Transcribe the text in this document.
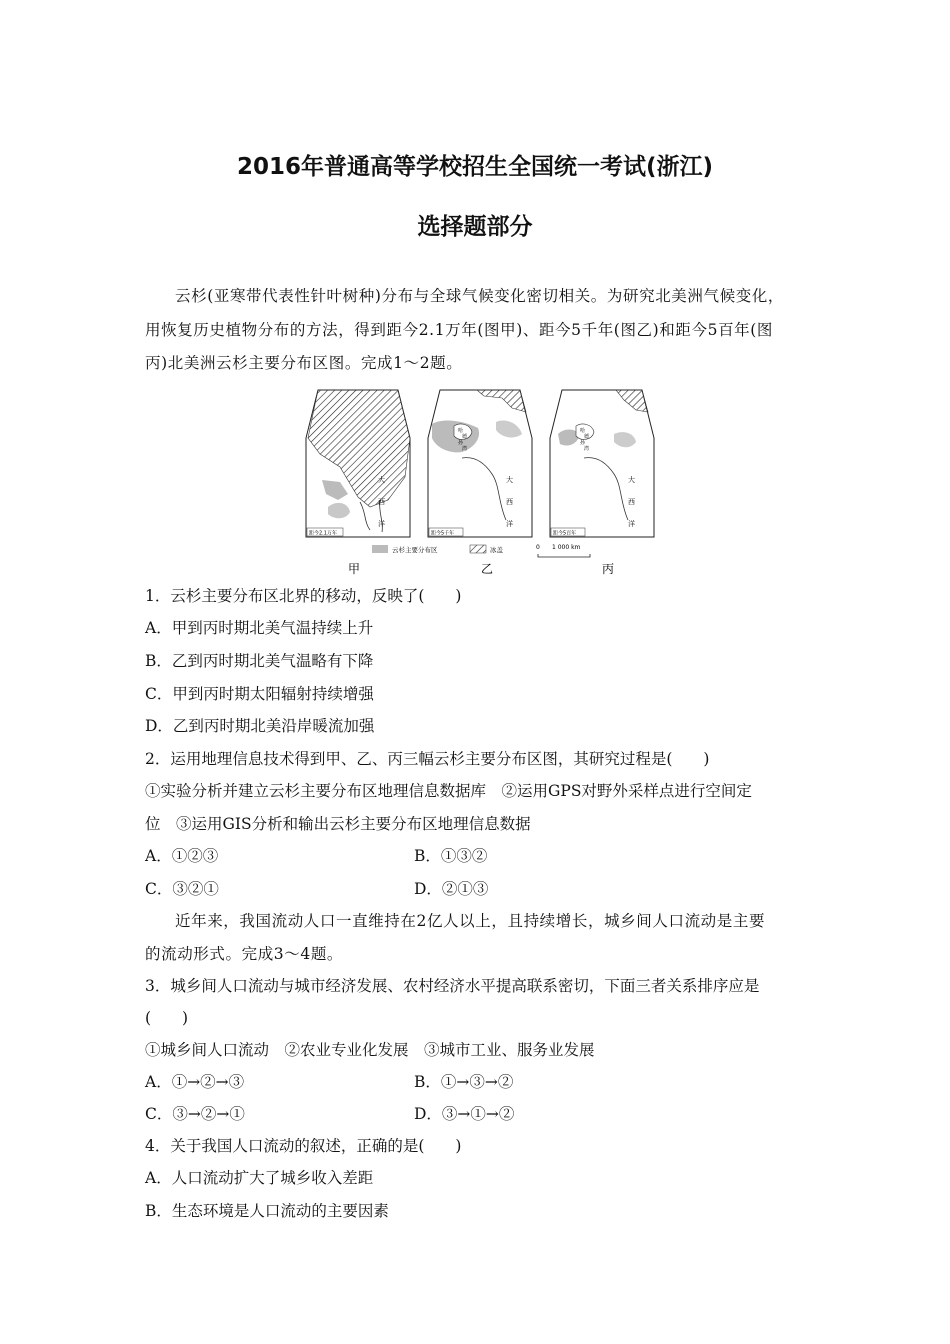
2016年普通高等学校招生全国统一考试(浙江)
选择题部分
云杉(亚寒带代表性针叶树种)分布与全球气候变化密切相关。为研究北美洲气候变化，
用恢复历史植物分布的方法，得到距今2.1万年(图甲)、距今5千年(图乙)和距今5百年(图
丙)北美洲云杉主要分布区图。完成1～2题。
大
西
洋
距今2.1万年
哈
德
孙
湾
大
西
洋
距今5千年
哈
德
孙
湾
大
西
洋
距今5百年
云杉主要分布区	冰盖	0 1 000 km
甲	乙	丙
1．云杉主要分布区北界的移动，反映了(　　)
A．甲到丙时期北美气温持续上升
B．乙到丙时期北美气温略有下降
C．甲到丙时期太阳辐射持续增强
D．乙到丙时期北美沿岸暖流加强
2．运用地理信息技术得到甲、乙、丙三幅云杉主要分布区图，其研究过程是(　　)
①实验分析并建立云杉主要分布区地理信息数据库　②运用GPS对野外采样点进行空间定
位　③运用GIS分析和输出云杉主要分布区地理信息数据
A．①②③	B．①③②
C．③②①	D．②①③
近年来，我国流动人口一直维持在2亿人以上，且持续增长，城乡间人口流动是主要
的流动形式。完成3～4题。
3．城乡间人口流动与城市经济发展、农村经济水平提高联系密切，下面三者关系排序应是
(　　)
①城乡间人口流动　②农业专业化发展　③城市工业、服务业发展
A．①→②→③	B．①→③→②
C．③→②→①	D．③→①→②
4．关于我国人口流动的叙述，正确的是(　　)
A．人口流动扩大了城乡收入差距
B．生态环境是人口流动的主要因素
